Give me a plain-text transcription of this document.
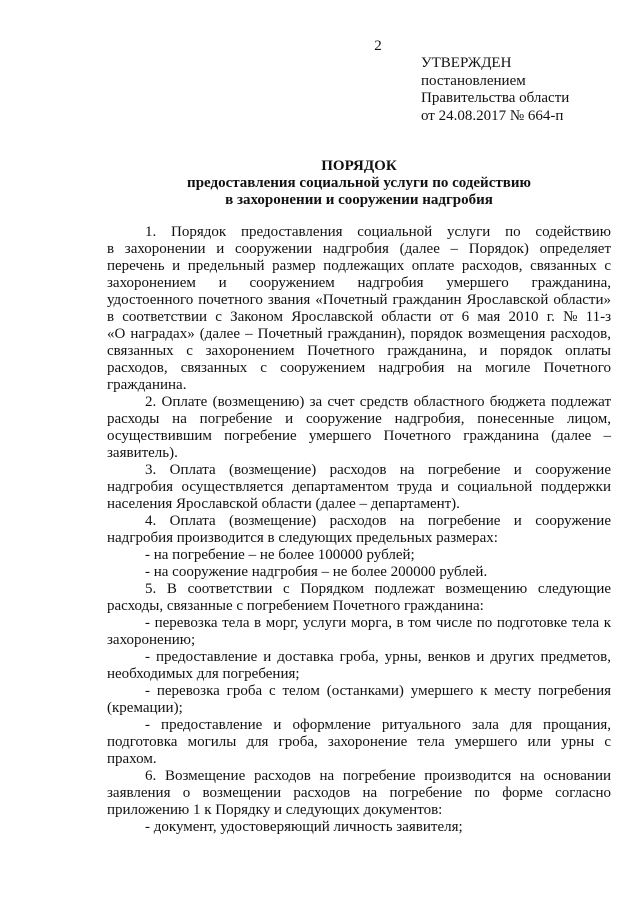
2
УТВЕРЖДЕН
постановлением
Правительства области
от 24.08.2017 № 664-п
ПОРЯДОК
предоставления социальной услуги по содействию
в захоронении и сооружении надгробия
1. Порядок предоставления социальной услуги по содействию
в захоронении и сооружении надгробия (далее – Порядок) определяет
перечень и предельный размер подлежащих оплате расходов, связанных с
захоронением и сооружением надгробия умершего гражданина,
удостоенного почетного звания «Почетный гражданин Ярославской области»
в соответствии с Законом Ярославской области от 6 мая 2010 г. № 11-з
«О наградах» (далее – Почетный гражданин), порядок возмещения расходов,
связанных с захоронением Почетного гражданина, и порядок оплаты
расходов, связанных с сооружением надгробия на могиле Почетного
гражданина.
2. Оплате (возмещению) за счет средств областного бюджета подлежат
расходы на погребение и сооружение надгробия, понесенные лицом,
осуществившим погребение умершего Почетного гражданина (далее –
заявитель).
3. Оплата (возмещение) расходов на погребение и сооружение
надгробия осуществляется департаментом труда и социальной поддержки
населения Ярославской области (далее – департамент).
4. Оплата (возмещение) расходов на погребение и сооружение
надгробия производится в следующих предельных размерах:
- на погребение – не более 100000 рублей;
- на сооружение надгробия – не более 200000 рублей.
5. В соответствии с Порядком подлежат возмещению следующие
расходы, связанные с погребением Почетного гражданина:
- перевозка тела в морг, услуги морга, в том числе по подготовке тела к
захоронению;
- предоставление и доставка гроба, урны, венков и других предметов,
необходимых для погребения;
- перевозка гроба с телом (останками) умершего к месту погребения
(кремации);
- предоставление и оформление ритуального зала для прощания,
подготовка могилы для гроба, захоронение тела умершего или урны с
прахом.
6. Возмещение расходов на погребение производится на основании
заявления о возмещении расходов на погребение по форме согласно
приложению 1 к Порядку и следующих документов:
- документ, удостоверяющий личность заявителя;
